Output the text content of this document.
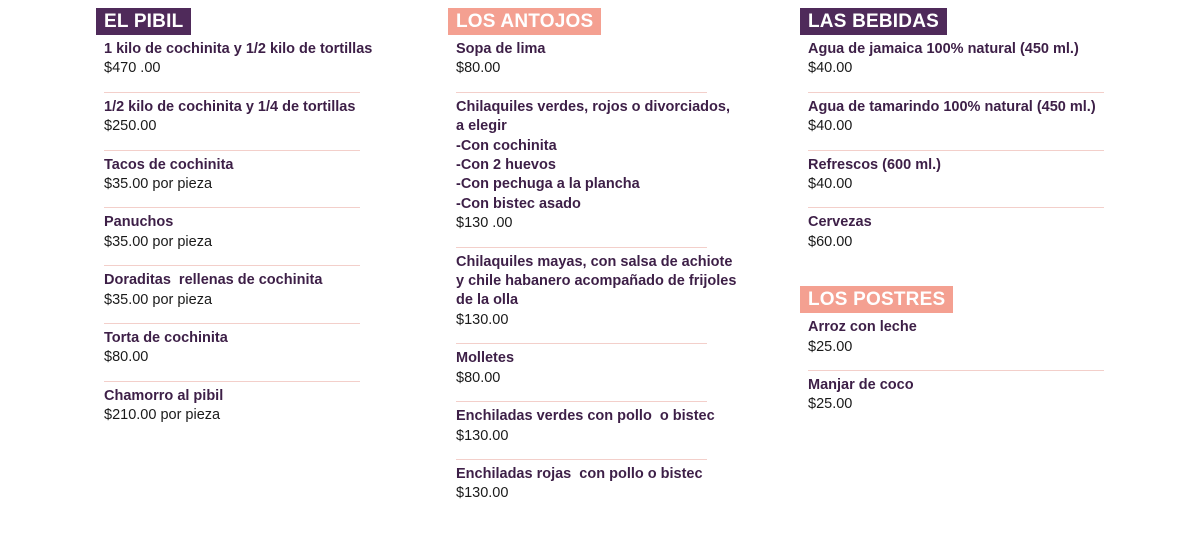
EL PIBIL
1 kilo de cochinita y 1/2 kilo de tortillas
$470 .00
1/2 kilo de cochinita y 1/4 de tortillas
$250.00
Tacos de cochinita
$35.00 por pieza
Panuchos
$35.00 por pieza
Doraditas  rellenas de cochinita
$35.00 por pieza
Torta de cochinita
$80.00
Chamorro al pibil
$210.00 por pieza
LOS ANTOJOS
Sopa de lima
$80.00
Chilaquiles verdes, rojos o divorciados,
a elegir
-Con cochinita
-Con 2 huevos
-Con pechuga a la plancha
-Con bistec asado
$130 .00
Chilaquiles mayas, con salsa de achiote
y chile habanero acompañado de frijoles
de la olla
$130.00
Molletes
$80.00
Enchiladas verdes con pollo  o bistec
$130.00
Enchiladas rojas  con pollo o bistec
$130.00
LAS BEBIDAS
Agua de jamaica 100% natural (450 ml.)
$40.00
Agua de tamarindo 100% natural (450 ml.)
$40.00
Refrescos (600 ml.)
$40.00
Cervezas
$60.00
LOS POSTRES
Arroz con leche
$25.00
Manjar de coco
$25.00
